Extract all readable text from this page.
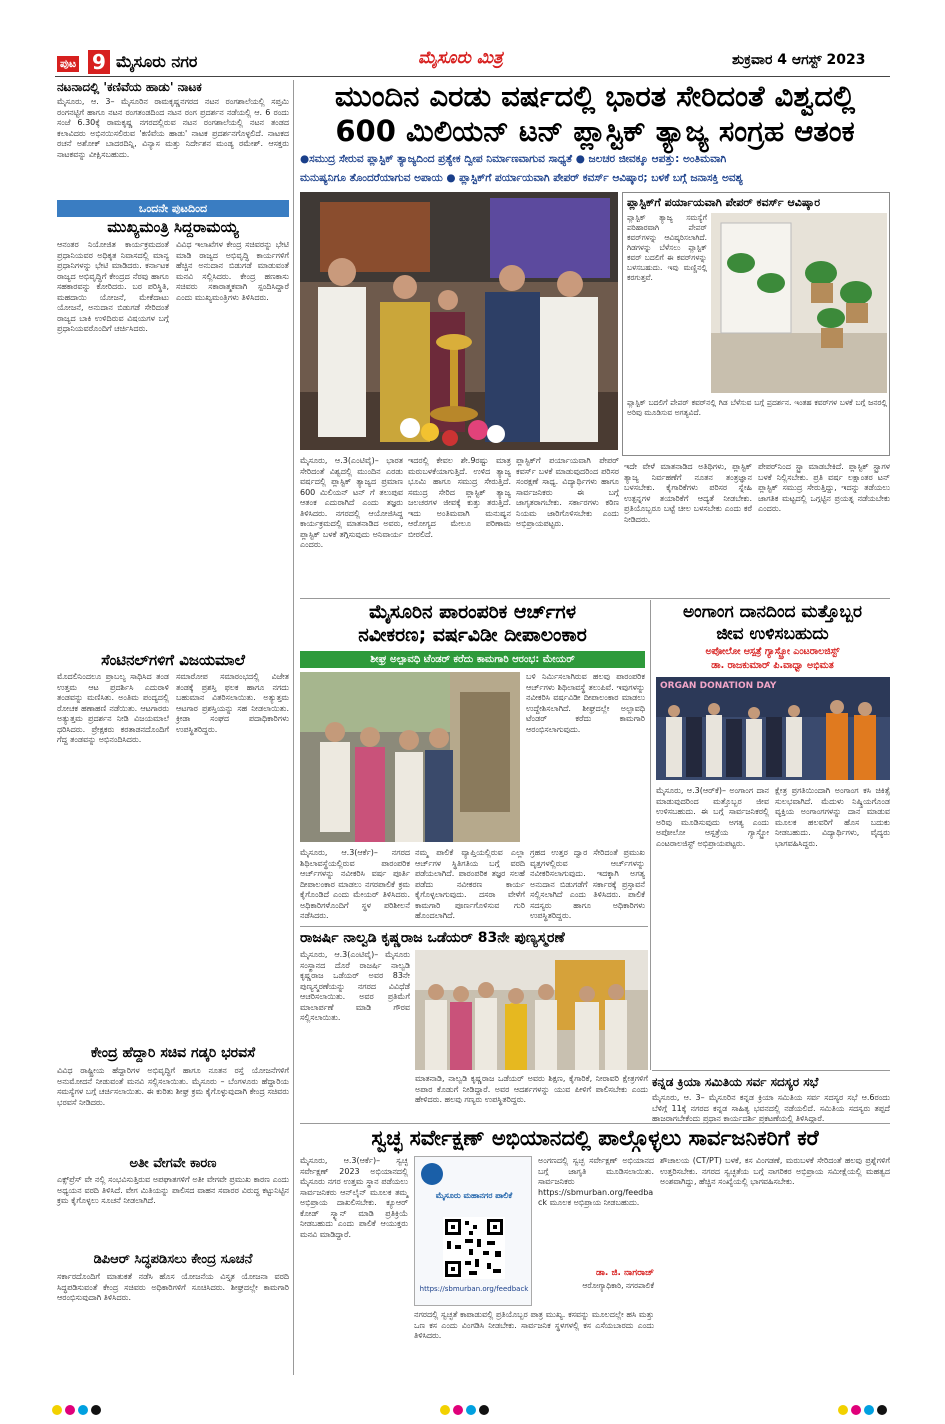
ಪುಟ 9 ಮೈಸೂರು ನಗರ	ಮೈಸೂರು ಮಿತ್ರ	ಶುಕ್ರವಾರ 4 ಆಗಸ್ಟ್ 2023
ನಟನಾದಲ್ಲಿ 'ಕಣಿವೆಯ ಹಾಡು' ನಾಟಕ
ಮೈಸೂರು, ಆ. 3– ಮೈಸೂರಿನ ರಾಮಕೃಷ್ಣನಗರದ ನಟನ ರಂಗಶಾಲೆಯಲ್ಲಿ ಸಪ್ತಮಿ ರಂಗನಟ್ಟಿಗೆ ಹಾಗೂ ನಟನ ರಂಗತಂಡದಿಂದ ನಟನ ರಂಗ ಪ್ರದರ್ಶನ ನಡೆಯಲ್ಲಿ ಆ. 6 ರಂದು ಸಂಜೆ 6.30ಕ್ಕೆ ರಾಮಕೃಷ್ಣ ನಗರದಲ್ಲಿರುವ ನಟನ ರಂಗಶಾಲೆಯಲ್ಲಿ ನಟನ ತಂಡದ ಕಲಾವಿದರು ಅಭಿನಯಿಸಲಿರುವ 'ಕಣಿವೆಯ ಹಾಡು' ನಾಟಕ ಪ್ರದರ್ಶನಗೊಳ್ಳಲಿದೆ. ನಾಟಕದ ರಚನೆ ಅಶೋಕ್ ಬಾದರದಿನ್ನಿ, ವಿನ್ಯಾಸ ಮತ್ತು ನಿರ್ದೇಶನ ಮಂಡ್ಯ ರಮೇಶ್. ಆಸಕ್ತರು ನಾಟಕವನ್ನು ವೀಕ್ಷಿಸಬಹುದು.
ಒಂದನೇ ಪುಟದಿಂದ
ಮುಖ್ಯಮಂತ್ರಿ ಸಿದ್ದರಾಮಯ್ಯ
ಆನಂತರ ನಿಯೋಜಿತ ಕಾರ್ಯಕ್ರಮದಂತೆ ಪ್ರಧಾನಿಯವರ ಅಧಿಕೃತ ನಿವಾಸದಲ್ಲಿ ಮಾನ್ಯ ಪ್ರಧಾನಿಗಳನ್ನು ಭೇಟಿ ಮಾಡಿದರು. ಕರ್ನಾಟಕ ರಾಜ್ಯದ ಅಭಿವೃದ್ಧಿಗೆ ಕೇಂದ್ರದ ನೆರವು ಹಾಗೂ ಸಹಕಾರವನ್ನು ಕೋರಿದರು. ಬರ ಪರಿಸ್ಥಿತಿ, ಮಹದಾಯಿ ಯೋಜನೆ, ಮೇಕೆದಾಟು ಯೋಜನೆ, ಅನುದಾನ ಬಿಡುಗಡೆ ಸೇರಿದಂತೆ ರಾಜ್ಯದ ಬಾಕಿ ಉಳಿದಿರುವ ವಿಷಯಗಳ ಬಗ್ಗೆ ಪ್ರಧಾನಿಯವರೊಂದಿಗೆ ಚರ್ಚಿಸಿದರು.
ವಿವಿಧ ಇಲಾಖೆಗಳ ಕೇಂದ್ರ ಸಚಿವರನ್ನು ಭೇಟಿ ಮಾಡಿ ರಾಜ್ಯದ ಅಭಿವೃದ್ಧಿ ಕಾರ್ಯಗಳಿಗೆ ಹೆಚ್ಚಿನ ಅನುದಾನ ಬಿಡುಗಡೆ ಮಾಡುವಂತೆ ಮನವಿ ಸಲ್ಲಿಸಿದರು. ಕೇಂದ್ರ ಹಣಕಾಸು ಸಚಿವರು ಸಕಾರಾತ್ಮಕವಾಗಿ ಸ್ಪಂದಿಸಿದ್ದಾರೆ ಎಂದು ಮುಖ್ಯಮಂತ್ರಿಗಳು ತಿಳಿಸಿದರು.
ಸೆಂಟಿನಲ್‌ಗಳಿಗೆ ವಿಜಯಮಾಲೆ
ಮೊದಲಿನಿಂದಲೂ ಪ್ರಾಬಲ್ಯ ಸಾಧಿಸಿದ ತಂಡ ಉತ್ತಮ ಆಟ ಪ್ರದರ್ಶಿಸಿ ಎದುರಾಳಿ ತಂಡವನ್ನು ಮಣಿಸಿತು. ಅಂತಿಮ ಪಂದ್ಯದಲ್ಲಿ ರೋಚಕ ಹಣಾಹಣಿ ನಡೆಯಿತು. ಆಟಗಾರರು ಅತ್ಯುತ್ತಮ ಪ್ರದರ್ಶನ ನೀಡಿ ವಿಜಯಮಾಲೆ ಧರಿಸಿದರು. ಪ್ರೇಕ್ಷಕರು ಕರತಾಡನದೊಂದಿಗೆ ಗೆದ್ದ ತಂಡವನ್ನು ಅಭಿನಂದಿಸಿದರು.
ಸಮಾರೋಪ ಸಮಾರಂಭದಲ್ಲಿ ವಿಜೇತ ತಂಡಕ್ಕೆ ಪ್ರಶಸ್ತಿ ಫಲಕ ಹಾಗೂ ನಗದು ಬಹುಮಾನ ವಿತರಿಸಲಾಯಿತು. ಅತ್ಯುತ್ತಮ ಆಟಗಾರ ಪ್ರಶಸ್ತಿಯನ್ನು ಸಹ ನೀಡಲಾಯಿತು. ಕ್ರೀಡಾ ಸಂಘದ ಪದಾಧಿಕಾರಿಗಳು ಉಪಸ್ಥಿತರಿದ್ದರು.
ಕೇಂದ್ರ ಹೆದ್ದಾರಿ ಸಚಿವ ಗಡ್ಕರಿ ಭರವಸೆ
ವಿವಿಧ ರಾಷ್ಟ್ರೀಯ ಹೆದ್ದಾರಿಗಳ ಅಭಿವೃದ್ಧಿಗೆ ಹಾಗೂ ನೂತನ ರಸ್ತೆ ಯೋಜನೆಗಳಿಗೆ ಅನುಮೋದನೆ ನೀಡುವಂತೆ ಮನವಿ ಸಲ್ಲಿಸಲಾಯಿತು. ಮೈಸೂರು – ಬೆಂಗಳೂರು ಹೆದ್ದಾರಿಯ ಸಮಸ್ಯೆಗಳ ಬಗ್ಗೆ ಚರ್ಚಿಸಲಾಯಿತು. ಈ ಕುರಿತು ಶೀಘ್ರ ಕ್ರಮ ಕೈಗೊಳ್ಳುವುದಾಗಿ ಕೇಂದ್ರ ಸಚಿವರು ಭರವಸೆ ನೀಡಿದರು.
ಅತೀ ವೇಗವೇ ಕಾರಣ
ಎಕ್ಸ್‌ಪ್ರೆಸ್ ವೇ ನಲ್ಲಿ ಸಂಭವಿಸುತ್ತಿರುವ ಅಪಘಾತಗಳಿಗೆ ಅತೀ ವೇಗವೇ ಪ್ರಮುಖ ಕಾರಣ ಎಂದು ಅಧ್ಯಯನ ವರದಿ ತಿಳಿಸಿದೆ. ವೇಗ ಮಿತಿಯನ್ನು ಪಾಲಿಸದ ವಾಹನ ಸವಾರರ ವಿರುದ್ಧ ಕಟ್ಟುನಿಟ್ಟಿನ ಕ್ರಮ ಕೈಗೊಳ್ಳಲು ಸೂಚನೆ ನೀಡಲಾಗಿದೆ.
ಡಿಪಿಆರ್ ಸಿದ್ಧಪಡಿಸಲು ಕೇಂದ್ರ ಸೂಚನೆ
ಸರ್ಕಾರದೊಂದಿಗೆ ಮಾತುಕತೆ ನಡೆಸಿ ಹೊಸ ಯೋಜನೆಯ ವಿಸ್ತೃತ ಯೋಜನಾ ವರದಿ ಸಿದ್ಧಪಡಿಸುವಂತೆ ಕೇಂದ್ರ ಸಚಿವರು ಅಧಿಕಾರಿಗಳಿಗೆ ಸೂಚಿಸಿದರು. ಶೀಘ್ರದಲ್ಲೇ ಕಾಮಗಾರಿ ಆರಂಭಿಸುವುದಾಗಿ ತಿಳಿಸಿದರು.
ಮುಂದಿನ ಎರಡು ವರ್ಷದಲ್ಲಿ ಭಾರತ ಸೇರಿದಂತೆ ವಿಶ್ವದಲ್ಲಿ
600 ಮಿಲಿಯನ್ ಟನ್ ಪ್ಲಾಸ್ಟಿಕ್ ತ್ಯಾಜ್ಯ ಸಂಗ್ರಹ ಆತಂಕ
●ಸಮುದ್ರ ಸೇರುವ ಪ್ಲಾಸ್ಟಿಕ್ ತ್ಯಾಜ್ಯದಿಂದ ಪ್ರತ್ಯೇಕ ದ್ವೀಪ ನಿರ್ಮಾಣವಾಗುವ ಸಾಧ್ಯತೆ ● ಜಲಚರ ಜೀವಕ್ಕೂ ಆಪತ್ತು: ಅಂತಿಮವಾಗಿ
ಮನುಷ್ಯನಿಗೂ ತೊಂದರೆಯಾಗುವ ಅಪಾಯ ● ಪ್ಲಾಸ್ಟಿಕ್‌ಗೆ ಪರ್ಯಾಯವಾಗಿ ಪೇಪರ್ ಕವರ್ಸ್ ಆವಿಷ್ಕಾರ; ಬಳಕೆ ಬಗ್ಗೆ ಜನಾಸಕ್ತಿ ಅವಶ್ಯ
ಪ್ಲಾಸ್ಟಿಕ್‌ಗೆ ಪರ್ಯಾಯವಾಗಿ ಪೇಪರ್ ಕವರ್ಸ್ ಆವಿಷ್ಕಾರ
ಪ್ಲಾಸ್ಟಿಕ್ ತ್ಯಾಜ್ಯ ಸಮಸ್ಯೆಗೆ ಪರಿಹಾರವಾಗಿ ಪೇಪರ್ ಕವರ್‌ಗಳನ್ನು ಆವಿಷ್ಕರಿಸಲಾಗಿದೆ. ಗಿಡಗಳನ್ನು ಬೆಳೆಸಲು ಪ್ಲಾಸ್ಟಿಕ್ ಕವರ್ ಬದಲಿಗೆ ಈ ಕವರ್‌ಗಳನ್ನು ಬಳಸಬಹುದು. ಇವು ಮಣ್ಣಿನಲ್ಲಿ ಕರಗುತ್ತವೆ.
ಪ್ಲಾಸ್ಟಿಕ್ ಬದಲಿಗೆ ಪೇಪರ್ ಕವರ್‌ನಲ್ಲಿ ಗಿಡ ಬೆಳೆಸುವ ಬಗ್ಗೆ ಪ್ರದರ್ಶನ. ಇಂತಹ ಕವರ್‌ಗಳ ಬಳಕೆ ಬಗ್ಗೆ ಜನರಲ್ಲಿ ಅರಿವು ಮೂಡಿಸುವ ಅಗತ್ಯವಿದೆ.
ಮೈಸೂರು, ಆ.3(ಎಂಟಿವೈ)– ಭಾರತ ಸೇರಿದಂತೆ ವಿಶ್ವದಲ್ಲಿ ಮುಂದಿನ ಎರಡು ವರ್ಷದಲ್ಲಿ ಪ್ಲಾಸ್ಟಿಕ್ ತ್ಯಾಜ್ಯದ ಪ್ರಮಾಣ 600 ಮಿಲಿಯನ್ ಟನ್ ಗೆ ತಲುಪುವ ಆತಂಕ ಎದುರಾಗಿದೆ ಎಂದು ತಜ್ಞರು ತಿಳಿಸಿದರು. ನಗರದಲ್ಲಿ ಆಯೋಜಿಸಿದ್ದ ಕಾರ್ಯಕ್ರಮದಲ್ಲಿ ಮಾತನಾಡಿದ ಅವರು, ಪ್ಲಾಸ್ಟಿಕ್ ಬಳಕೆ ತಗ್ಗಿಸುವುದು ಅನಿವಾರ್ಯ ಎಂದರು.
ಇದರಲ್ಲಿ ಕೇವಲ ಶೇ.9ರಷ್ಟು ಮಾತ್ರ ಮರುಬಳಕೆಯಾಗುತ್ತಿದೆ. ಉಳಿದ ತ್ಯಾಜ್ಯ ಭೂಮಿ ಹಾಗೂ ಸಮುದ್ರ ಸೇರುತ್ತಿದೆ. ಸಮುದ್ರ ಸೇರಿದ ಪ್ಲಾಸ್ಟಿಕ್ ತ್ಯಾಜ್ಯ ಜಲಚರಗಳ ಜೀವಕ್ಕೆ ಕುತ್ತು ತರುತ್ತಿದೆ. ಇದು ಅಂತಿಮವಾಗಿ ಮನುಷ್ಯನ ಆರೋಗ್ಯದ ಮೇಲೂ ಪರಿಣಾಮ ಬೀರಲಿದೆ.
ಪ್ಲಾಸ್ಟಿಕ್‌ಗೆ ಪರ್ಯಾಯವಾಗಿ ಪೇಪರ್ ಕವರ್ಸ್ ಬಳಕೆ ಮಾಡುವುದರಿಂದ ಪರಿಸರ ಸಂರಕ್ಷಣೆ ಸಾಧ್ಯ. ವಿದ್ಯಾರ್ಥಿಗಳು ಹಾಗೂ ಸಾರ್ವಜನಿಕರು ಈ ಬಗ್ಗೆ ಜಾಗೃತರಾಗಬೇಕು. ಸರ್ಕಾರಗಳು ಕಠಿಣ ನಿಯಮ ಜಾರಿಗೊಳಿಸಬೇಕು ಎಂದು ಅಭಿಪ್ರಾಯಪಟ್ಟರು.
ಇದೇ ವೇಳೆ ಮಾತನಾಡಿದ ಅತಿಥಿಗಳು, ಪ್ಲಾಸ್ಟಿಕ್ ತ್ಯಾಜ್ಯ ನಿರ್ವಹಣೆಗೆ ನೂತನ ತಂತ್ರಜ್ಞಾನ ಬಳಸಬೇಕು. ಕೈಗಾರಿಕೆಗಳು ಪರಿಸರ ಸ್ನೇಹಿ ಉತ್ಪನ್ನಗಳ ತಯಾರಿಕೆಗೆ ಆದ್ಯತೆ ನೀಡಬೇಕು. ಪ್ರತಿಯೊಬ್ಬರೂ ಬಟ್ಟೆ ಚೀಲ ಬಳಸಬೇಕು ಎಂದು ಕರೆ ನೀಡಿದರು.
ಪೇಪರ್‌ನಿಂದ ಸ್ಟ್ರಾ ಮಾಡಬೇಕಿದೆ. ಪ್ಲಾಸ್ಟಿಕ್ ಸ್ಟ್ರಾಗಳ ಬಳಕೆ ನಿಲ್ಲಿಸಬೇಕು. ಪ್ರತಿ ವರ್ಷ ಲಕ್ಷಾಂತರ ಟನ್ ಪ್ಲಾಸ್ಟಿಕ್ ಸಮುದ್ರ ಸೇರುತ್ತಿದ್ದು, ಇದನ್ನು ತಡೆಯಲು ಜಾಗತಿಕ ಮಟ್ಟದಲ್ಲಿ ಒಗ್ಗಟ್ಟಿನ ಪ್ರಯತ್ನ ನಡೆಯಬೇಕು ಎಂದರು.
ಮೈಸೂರಿನ ಪಾರಂಪರಿಕ ಆರ್ಚ್‌ಗಳ
ನವೀಕರಣ; ವರ್ಷವಿಡೀ ದೀಪಾಲಂಕಾರ
ಶೀಘ್ರ ಅಲ್ಪಾವಧಿ ಟೆಂಡರ್ ಕರೆದು ಕಾಮಗಾರಿ ಆರಂಭ: ಮೇಯರ್
ಬಳಿ ನಿರ್ಮಿಸಲಾಗಿರುವ ಹಲವು ಪಾರಂಪರಿಕ ಆರ್ಚ್‌ಗಳು ಶಿಥಿಲಾವಸ್ಥೆ ತಲುಪಿವೆ. ಇವುಗಳನ್ನು ನವೀಕರಿಸಿ ವರ್ಷವಿಡೀ ದೀಪಾಲಂಕಾರ ಮಾಡಲು ಉದ್ದೇಶಿಸಲಾಗಿದೆ. ಶೀಘ್ರದಲ್ಲೇ ಅಲ್ಪಾವಧಿ ಟೆಂಡರ್ ಕರೆದು ಕಾಮಗಾರಿ ಆರಂಭಿಸಲಾಗುವುದು.
ಮೈಸೂರು, ಆ.3(ಆರ್ಕೆ)– ನಗರದ ಶಿಥಿಲಾವಸ್ಥೆಯಲ್ಲಿರುವ ಪಾರಂಪರಿಕ ಆರ್ಚ್‌ಗಳನ್ನು ನವೀಕರಿಸಿ ವರ್ಷ ಪೂರ್ತಿ ದೀಪಾಲಂಕಾರ ಮಾಡಲು ನಗರಪಾಲಿಕೆ ಕ್ರಮ ಕೈಗೊಂಡಿದೆ ಎಂದು ಮೇಯರ್ ತಿಳಿಸಿದರು. ಅಧಿಕಾರಿಗಳೊಂದಿಗೆ ಸ್ಥಳ ಪರಿಶೀಲನೆ ನಡೆಸಿದರು.
ನಮ್ಮ ಪಾಲಿಕೆ ವ್ಯಾಪ್ತಿಯಲ್ಲಿರುವ ಎಲ್ಲಾ ಆರ್ಚ್‌ಗಳ ಸ್ಥಿತಿಗತಿಯ ಬಗ್ಗೆ ವರದಿ ಪಡೆಯಲಾಗಿದೆ. ಪಾರಂಪರಿಕ ತಜ್ಞರ ಸಲಹೆ ಪಡೆದು ನವೀಕರಣ ಕಾರ್ಯ ಕೈಗೊಳ್ಳಲಾಗುವುದು. ದಸರಾ ವೇಳೆಗೆ ಕಾಮಗಾರಿ ಪೂರ್ಣಗೊಳಿಸುವ ಗುರಿ ಹೊಂದಲಾಗಿದೆ.
ಗ್ರಹದ ಉತ್ತರ ದ್ವಾರ ಸೇರಿದಂತೆ ಪ್ರಮುಖ ವೃತ್ತಗಳಲ್ಲಿರುವ ಆರ್ಚ್‌ಗಳನ್ನು ನವೀಕರಿಸಲಾಗುವುದು. ಇದಕ್ಕಾಗಿ ಅಗತ್ಯ ಅನುದಾನ ಬಿಡುಗಡೆಗೆ ಸರ್ಕಾರಕ್ಕೆ ಪ್ರಸ್ತಾವನೆ ಸಲ್ಲಿಸಲಾಗಿದೆ ಎಂದು ತಿಳಿಸಿದರು. ಪಾಲಿಕೆ ಸದಸ್ಯರು ಹಾಗೂ ಅಧಿಕಾರಿಗಳು ಉಪಸ್ಥಿತರಿದ್ದರು.
ಅಂಗಾಂಗ ದಾನದಿಂದ ಮತ್ತೊಬ್ಬರ
ಜೀವ ಉಳಿಸಬಹುದು
ಅಪೋಲೋ ಆಸ್ಪತ್ರೆ ಗ್ಯಾಸ್ಟ್ರೋ ಎಂಟರಾಲಜಿಸ್ಟ್
ಡಾ. ರಾಜಕುಮಾರ್ ಪಿ.ವಾಧ್ವಾ ಅಭಿಮತ
ORGAN DONATION DAY
ಮೈಸೂರು, ಆ.3(ಆರ್‌ಕೆ)– ಅಂಗಾಂಗ ದಾನ ಮಾಡುವುದರಿಂದ ಮತ್ತೊಬ್ಬರ ಜೀವ ಉಳಿಸಬಹುದು. ಈ ಬಗ್ಗೆ ಸಾರ್ವಜನಿಕರಲ್ಲಿ ಅರಿವು ಮೂಡಿಸುವುದು ಅಗತ್ಯ ಎಂದು ಅಪೋಲೋ ಆಸ್ಪತ್ರೆಯ ಗ್ಯಾಸ್ಟ್ರೋ ಎಂಟರಾಲಜಿಸ್ಟ್ ಅಭಿಪ್ರಾಯಪಟ್ಟರು.
ಕ್ಷೇತ್ರ ಪ್ರಗತಿಯಿಂದಾಗಿ ಅಂಗಾಂಗ ಕಸಿ ಚಿಕಿತ್ಸೆ ಸುಲಭವಾಗಿದೆ. ಮೆದುಳು ನಿಷ್ಕ್ರಿಯಗೊಂಡ ವ್ಯಕ್ತಿಯ ಅಂಗಾಂಗಗಳನ್ನು ದಾನ ಮಾಡುವ ಮೂಲಕ ಹಲವರಿಗೆ ಹೊಸ ಬದುಕು ನೀಡಬಹುದು. ವಿದ್ಯಾರ್ಥಿಗಳು, ವೈದ್ಯರು ಭಾಗವಹಿಸಿದ್ದರು.
ರಾಜರ್ಷಿ ನಾಲ್ವಡಿ ಕೃಷ್ಣರಾಜ ಒಡೆಯರ್ 83ನೇ ಪುಣ್ಯಸ್ಮರಣೆ
ಮೈಸೂರು, ಆ.3(ಎಂಟಿವೈ)– ಮೈಸೂರು ಸಂಸ್ಥಾನದ ದೊರೆ ರಾಜರ್ಷಿ ನಾಲ್ವಡಿ ಕೃಷ್ಣರಾಜ ಒಡೆಯರ್ ಅವರ 83ನೇ ಪುಣ್ಯಸ್ಮರಣೆಯನ್ನು ನಗರದ ವಿವಿಧೆಡೆ ಆಚರಿಸಲಾಯಿತು. ಅವರ ಪ್ರತಿಮೆಗೆ ಮಾಲಾರ್ಪಣೆ ಮಾಡಿ ಗೌರವ ಸಲ್ಲಿಸಲಾಯಿತು.
ಮಾತನಾಡಿ, ನಾಲ್ವಡಿ ಕೃಷ್ಣರಾಜ ಒಡೆಯರ್ ಅವರು ಶಿಕ್ಷಣ, ಕೈಗಾರಿಕೆ, ನೀರಾವರಿ ಕ್ಷೇತ್ರಗಳಿಗೆ ಅಪಾರ ಕೊಡುಗೆ ನೀಡಿದ್ದಾರೆ. ಅವರ ಆದರ್ಶಗಳನ್ನು ಯುವ ಪೀಳಿಗೆ ಪಾಲಿಸಬೇಕು ಎಂದು ಹೇಳಿದರು. ಹಲವು ಗಣ್ಯರು ಉಪಸ್ಥಿತರಿದ್ದರು.
ಕನ್ನಡ ಕ್ರಿಯಾ ಸಮಿತಿಯ ಸರ್ವ ಸದಸ್ಯರ ಸಭೆ
ಮೈಸೂರು, ಆ. 3– ಮೈಸೂರಿನ ಕನ್ನಡ ಕ್ರಿಯಾ ಸಮಿತಿಯ ಸರ್ವ ಸದಸ್ಯರ ಸಭೆ ಆ.6ರಂದು ಬೆಳಿಗ್ಗೆ 11ಕ್ಕೆ ನಗರದ ಕನ್ನಡ ಸಾಹಿತ್ಯ ಭವನದಲ್ಲಿ ನಡೆಯಲಿದೆ. ಸಮಿತಿಯ ಸದಸ್ಯರು ತಪ್ಪದೆ ಹಾಜರಾಗಬೇಕೆಂದು ಪ್ರಧಾನ ಕಾರ್ಯದರ್ಶಿ ಪ್ರಕಟಣೆಯಲ್ಲಿ ತಿಳಿಸಿದ್ದಾರೆ.
ಸ್ವಚ್ಛ ಸರ್ವೇಕ್ಷಣ್ ಅಭಿಯಾನದಲ್ಲಿ ಪಾಲ್ಗೊಳ್ಳಲು ಸಾರ್ವಜನಿಕರಿಗೆ ಕರೆ
ಮೈಸೂರು, ಆ.3(ಆರ್ಕೆ)– ಸ್ವಚ್ಛ ಸರ್ವೇಕ್ಷಣ್ 2023 ಅಭಿಯಾನದಲ್ಲಿ ಮೈಸೂರು ನಗರ ಉತ್ತಮ ಸ್ಥಾನ ಪಡೆಯಲು ಸಾರ್ವಜನಿಕರು ಆನ್‌ಲೈನ್ ಮೂಲಕ ತಮ್ಮ ಅಭಿಪ್ರಾಯ ದಾಖಲಿಸಬೇಕು. ಕ್ಯೂಆರ್ ಕೋಡ್ ಸ್ಕ್ಯಾನ್ ಮಾಡಿ ಪ್ರತಿಕ್ರಿಯೆ ನೀಡಬಹುದು ಎಂದು ಪಾಲಿಕೆ ಆಯುಕ್ತರು ಮನವಿ ಮಾಡಿದ್ದಾರೆ.
ಮೈಸೂರು ಮಹಾನಗರ ಪಾಲಿಕೆ
https://sbmurban.org/feedback
ಅಂಗಣದಲ್ಲಿ ಸ್ವಚ್ಛ ಸರ್ವೇಕ್ಷಣ್ ಅಭಿಯಾನದ ಬಗ್ಗೆ ಜಾಗೃತಿ ಮೂಡಿಸಲಾಯಿತು. ಸಾರ್ವಜನಿಕರು https://sbmurban.org/feedback ಮೂಲಕ ಅಭಿಪ್ರಾಯ ನೀಡಬಹುದು.
ಡಾ. ಜಿ. ನಾಗರಾಜ್
ಆರೋಗ್ಯಾಧಿಕಾರಿ, ನಗರಪಾಲಿಕೆ
ನಗರದಲ್ಲಿ ಸ್ವಚ್ಛತೆ ಕಾಪಾಡುವಲ್ಲಿ ಪ್ರತಿಯೊಬ್ಬರ ಪಾತ್ರ ಮುಖ್ಯ. ಕಸವನ್ನು ಮೂಲದಲ್ಲೇ ಹಸಿ ಮತ್ತು ಒಣ ಕಸ ಎಂದು ವಿಂಗಡಿಸಿ ನೀಡಬೇಕು. ಸಾರ್ವಜನಿಕ ಸ್ಥಳಗಳಲ್ಲಿ ಕಸ ಎಸೆಯಬಾರದು ಎಂದು ತಿಳಿಸಿದರು.
ಶೌಚಾಲಯ (CT/PT) ಬಳಕೆ, ಕಸ ವಿಂಗಡಣೆ, ಮರುಬಳಕೆ ಸೇರಿದಂತೆ ಹಲವು ಪ್ರಶ್ನೆಗಳಿಗೆ ಉತ್ತರಿಸಬೇಕು. ನಗರದ ಸ್ವಚ್ಛತೆಯ ಬಗ್ಗೆ ನಾಗರಿಕರ ಅಭಿಪ್ರಾಯ ಸಮೀಕ್ಷೆಯಲ್ಲಿ ಮಹತ್ವದ ಅಂಶವಾಗಿದ್ದು, ಹೆಚ್ಚಿನ ಸಂಖ್ಯೆಯಲ್ಲಿ ಭಾಗವಹಿಸಬೇಕು.
